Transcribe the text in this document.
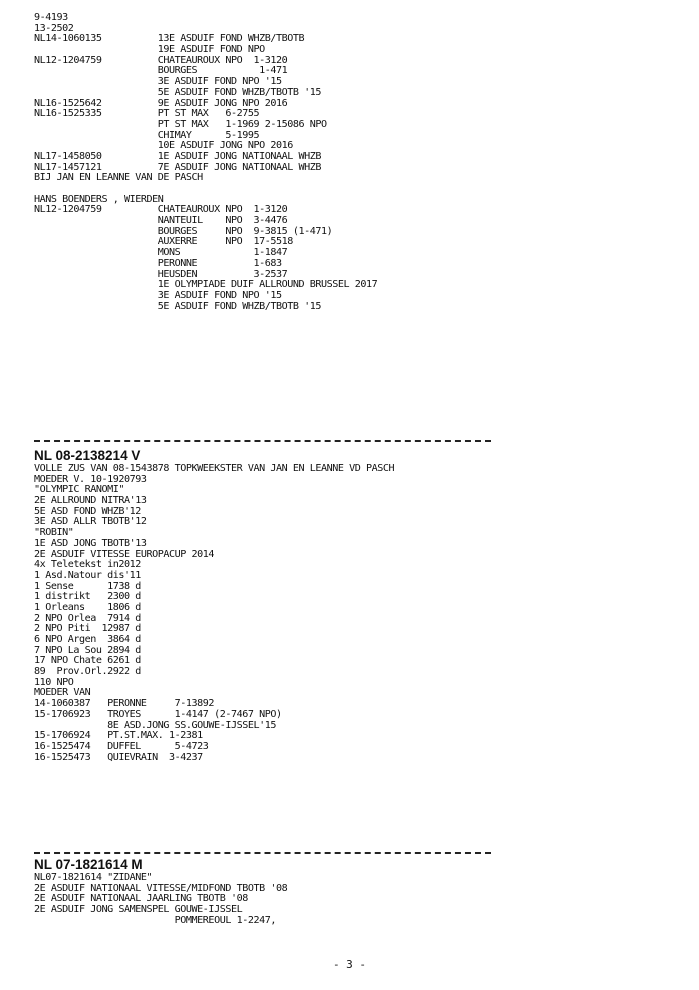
9-4193
13-2502
NL14-1060135          13E ASDUIF FOND WHZB/TBOTB
19E ASDUIF FOND NPO
NL12-1204759          CHATEAUROUX NPO  1-3120
BOURGES           1-471
3E ASDUIF FOND NPO '15
5E ASDUIF FOND WHZB/TBOTB '15
NL16-1525642          9E ASDUIF JONG NPO 2016
NL16-1525335          PT ST MAX   6-2755
PT ST MAX   1-1969 2-15086 NPO
CHIMAY      5-1995
10E ASDUIF JONG NPO 2016
NL17-1458050          1E ASDUIF JONG NATIONAAL WHZB
NL17-1457121          7E ASDUIF JONG NATIONAAL WHZB
BIJ JAN EN LEANNE VAN DE PASCH
HANS BOENDERS , WIERDEN
NL12-1204759          CHATEAUROUX NPO  1-3120
NANTEUIL    NPO  3-4476
BOURGES     NPO  9-3815 (1-471)
AUXERRE     NPO  17-5518
MONS             1-1847
PERONNE          1-683
HEUSDEN          3-2537
1E OLYMPIADE DUIF ALLROUND BRUSSEL 2017
3E ASDUIF FOND NPO '15
5E ASDUIF FOND WHZB/TBOTB '15
NL 08-2138214 V
VOLLE ZUS VAN 08-1543878 TOPKWEEKSTER VAN JAN EN LEANNE VD PASCH
MOEDER V. 10-1920793
"OLYMPIC RANOMI"
2E ALLROUND NITRA'13
5E ASD FOND WHZB'12
3E ASD ALLR TBOTB'12
"ROBIN"
1E ASD JONG TBOTB'13
2E ASDUIF VITESSE EUROPACUP 2014
4x Teletekst in2012
1 Asd.Natour dis'11
1 Sense      1738 d
1 distrikt   2300 d
1 Orleans    1806 d
2 NPO Orlea  7914 d
2 NPO Piti  12987 d
6 NPO Argen  3864 d
7 NPO La Sou 2894 d
17 NPO Chate 6261 d
89  Prov.Orl.2922 d
110 NPO
MOEDER VAN
14-1060387   PERONNE     7-13892
15-1706923   TROYES      1-4147 (2-7467 NPO)
8E ASD.JONG SS.GOUWE-IJSSEL'15
15-1706924   PT.ST.MAX. 1-2381
16-1525474   DUFFEL      5-4723
16-1525473   QUIEVRAIN  3-4237
NL 07-1821614 M
NL07-1821614 "ZIDANE"
2E ASDUIF NATIONAAL VITESSE/MIDFOND TBOTB '08
2E ASDUIF NATIONAAL JAARLING TBOTB '08
2E ASDUIF JONG SAMENSPEL GOUWE-IJSSEL
POMMEREOUL 1-2247,
- 3 -
